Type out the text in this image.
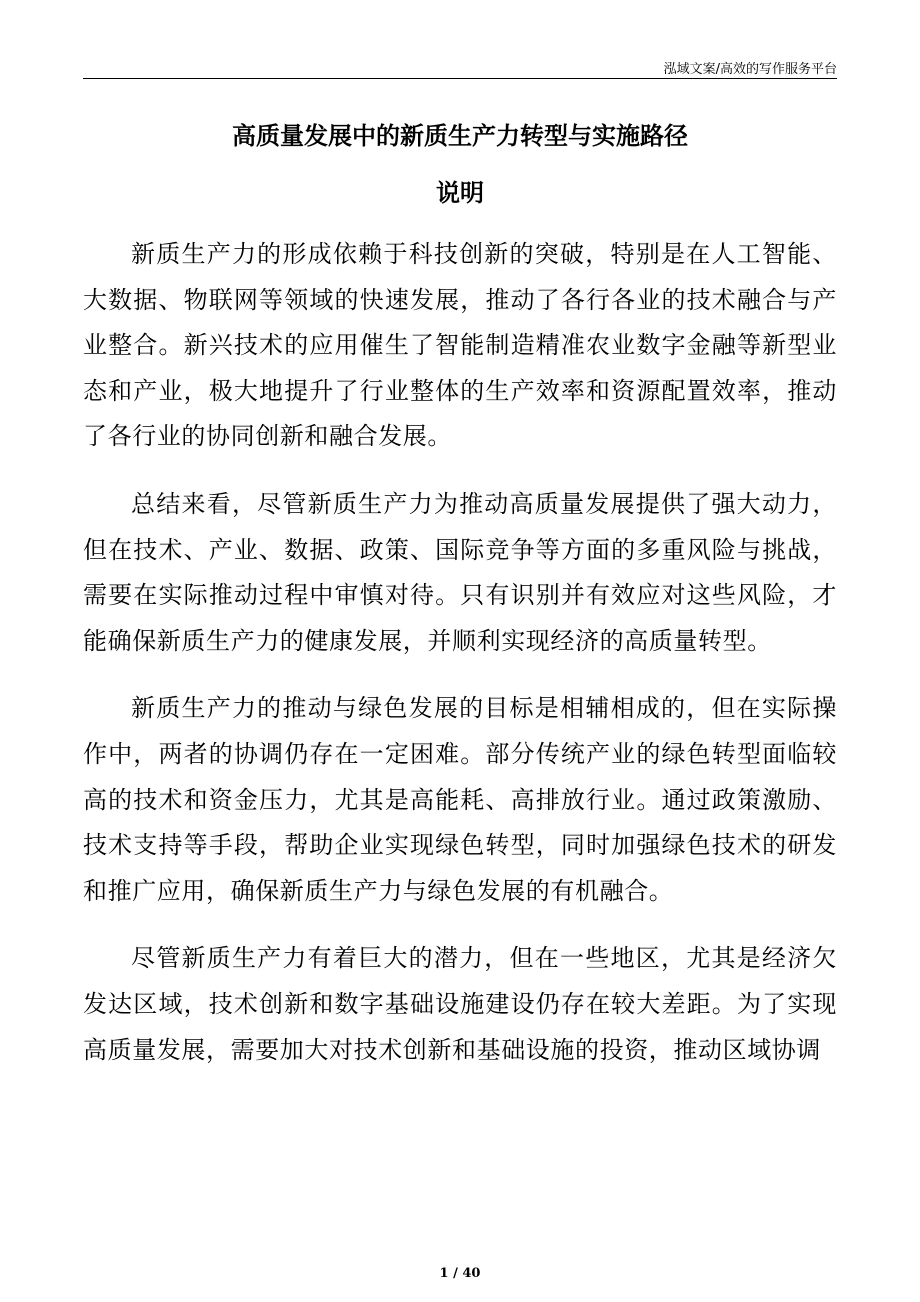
泓域文案/高效的写作服务平台
高质量发展中的新质生产力转型与实施路径
说明

新质生产力的形成依赖于科技创新的突破，特别是在人工智能、大数据、物联网等领域的快速发展，推动了各行各业的技术融合与产业整合。新兴技术的应用催生了智能制造精准农业数字金融等新型业态和产业，极大地提升了行业整体的生产效率和资源配置效率，推动了各行业的协同创新和融合发展。

总结来看，尽管新质生产力为推动高质量发展提供了强大动力，但在技术、产业、数据、政策、国际竞争等方面的多重风险与挑战，需要在实际推动过程中审慎对待。只有识别并有效应对这些风险，才能确保新质生产力的健康发展，并顺利实现经济的高质量转型。

新质生产力的推动与绿色发展的目标是相辅相成的，但在实际操作中，两者的协调仍存在一定困难。部分传统产业的绿色转型面临较高的技术和资金压力，尤其是高能耗、高排放行业。通过政策激励、技术支持等手段，帮助企业实现绿色转型，同时加强绿色技术的研发和推广应用，确保新质生产力与绿色发展的有机融合。

尽管新质生产力有着巨大的潜力，但在一些地区，尤其是经济欠发达区域，技术创新和数字基础设施建设仍存在较大差距。为了实现高质量发展，需要加大对技术创新和基础设施的投资，推动区域协调

1 / 40
